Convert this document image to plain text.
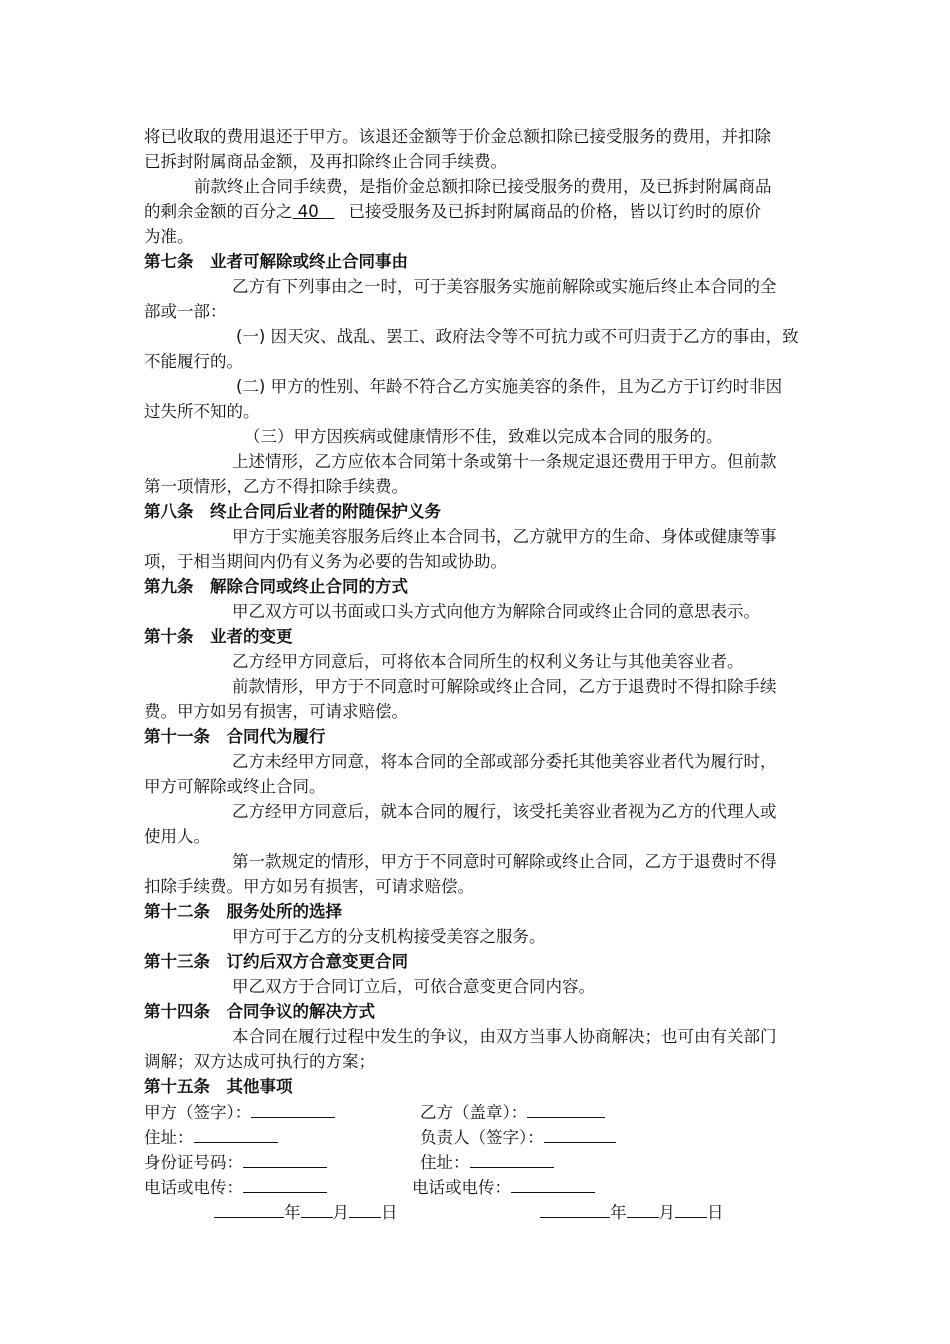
将已收取的费用退还于甲方。该退还金额等于价金总额扣除已接受服务的费用，并扣除
已拆封附属商品金额，及再扣除终止合同手续费。
前款终止合同手续费，是指价金总额扣除已接受服务的费用，及已拆封附属商品
的剩余金额的百分之 40 已接受服务及已拆封附属商品的价格，皆以订约时的原价
为准。
第七条　业者可解除或终止合同事由
乙方有下列事由之一时，可于美容服务实施前解除或实施后终止本合同的全
部或一部：
(一) 因天灾、战乱、罢工、政府法令等不可抗力或不可归责于乙方的事由，致
不能履行的。
(二) 甲方的性别、年龄不符合乙方实施美容的条件，且为乙方于订约时非因
过失所不知的。
（三）甲方因疾病或健康情形不佳，致难以完成本合同的服务的。
上述情形，乙方应依本合同第十条或第十一条规定退还费用于甲方。但前款
第一项情形，乙方不得扣除手续费。
第八条　终止合同后业者的附随保护义务
甲方于实施美容服务后终止本合同书，乙方就甲方的生命、身体或健康等事
项，于相当期间内仍有义务为必要的告知或协助。
第九条　解除合同或终止合同的方式
甲乙双方可以书面或口头方式向他方为解除合同或终止合同的意思表示。
第十条　业者的变更
乙方经甲方同意后，可将依本合同所生的权利义务让与其他美容业者。
前款情形，甲方于不同意时可解除或终止合同，乙方于退费时不得扣除手续
费。甲方如另有损害，可请求赔偿。
第十一条　合同代为履行
乙方未经甲方同意，将本合同的全部或部分委托其他美容业者代为履行时，
甲方可解除或终止合同。
乙方经甲方同意后，就本合同的履行，该受托美容业者视为乙方的代理人或
使用人。
第一款规定的情形，甲方于不同意时可解除或终止合同，乙方于退费时不得
扣除手续费。甲方如另有损害，可请求赔偿。
第十二条　服务处所的选择
甲方可于乙方的分支机构接受美容之服务。
第十三条　订约后双方合意变更合同
甲乙双方于合同订立后，可依合意变更合同内容。
第十四条　合同争议的解决方式
本合同在履行过程中发生的争议，由双方当事人协商解决；也可由有关部门
调解；双方达成可执行的方案；
第十五条　其他事项
甲方（签字）：	乙方（盖章）：
住址：	负责人（签字）：
身份证号码：	住址：
电话或电传：	电话或电传：
年 月 日	年 月 日
